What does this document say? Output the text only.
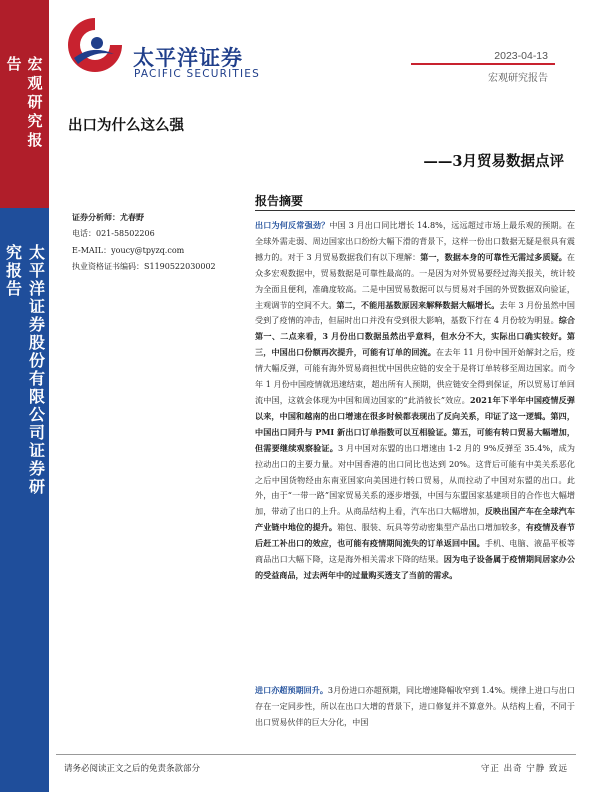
宏观研究报告
太平洋证券股份有限公司证券研究报告
太平洋证券
PACIFIC SECURITIES
2023-04-13
宏观研究报告
出口为什么这么强
——3月贸易数据点评
证券分析师：尤春野
电话：021-58502206
E-MAIL：youcy@tpyzq.com
执业资格证书编码：S1190522030002
报告摘要
出口为何反常强劲？中国 3 月出口同比增长 14.8%，远远超过市场上最乐观的预期。在全球外需走弱、周边国家出口纷纷大幅下滑的背景下，这样一份出口数据无疑是很具有震撼力的。对于 3 月贸易数据我们有以下理解：第一，数据本身的可靠性无需过多质疑。在众多宏观数据中，贸易数据是可靠性最高的。一是因为对外贸易要经过海关报关，统计较为全面且便利，准确度较高。二是中国贸易数据可以与贸易对手国的外贸数据双向验证，主观调节的空间不大。第二，不能用基数原因来解释数据大幅增长。去年 3 月份虽然中国受到了疫情的冲击，但届时出口并没有受到很大影响，基数下行在 4 月份较为明显。综合第一、二点来看，3 月份出口数据虽然出乎意料，但水分不大，实际出口确实较好。第三，中国出口份额再次提升，可能有订单的回流。在去年 11 月份中国开始解封之后，疫情大幅反弹，可能有海外贸易商担忧中国供应链的安全于是将订单转移至周边国家。而今年 1 月份中国疫情就迅速结束，超出所有人预期，供应链安全得到保证，所以贸易订单回流中国，这就会体现为中国和周边国家的“此消彼长”效应。2021年下半年中国疫情反弹以来，中国和越南的出口增速在很多时候都表现出了反向关系，印证了这一逻辑。第四，中国出口同升与 PMI 新出口订单指数可以互相验证。第五，可能有转口贸易大幅增加，但需要继续观察验证。3 月中国对东盟的出口增速由 1-2 月的 9%反弹至 35.4%，成为拉动出口的主要力量。对中国香港的出口同比也达到 20%。这背后可能有中美关系恶化之后中国货物经由东南亚国家向美国进行转口贸易，从而拉动了中国对东盟的出口。此外，由于“一带一路”国家贸易关系的逐步增强，中国与东盟国家基建项目的合作也大幅增加，带动了出口的上升。从商品结构上看，汽车出口大幅增加，反映出国产车在全球汽车产业链中地位的提升。箱包、服装、玩具等劳动密集型产品出口增加较多，有疫情及春节后赶工补出口的效应，也可能有疫情期间流失的订单返回中国。手机、电脑、液晶平板等商品出口大幅下降，这是海外相关需求下降的结果。因为电子设备属于疫情期间居家办公的受益商品，过去两年中的过量购买透支了当前的需求。
进口亦超预期回升。3月份进口亦超预期，同比增速降幅收窄到 1.4%。规律上进口与出口存在一定同步性，所以在出口大增的背景下，进口修复并不算意外。从结构上看，不同于出口贸易伙伴的巨大分化，中国
请务必阅读正文之后的免责条款部分	守正 出奇 宁静 致远
